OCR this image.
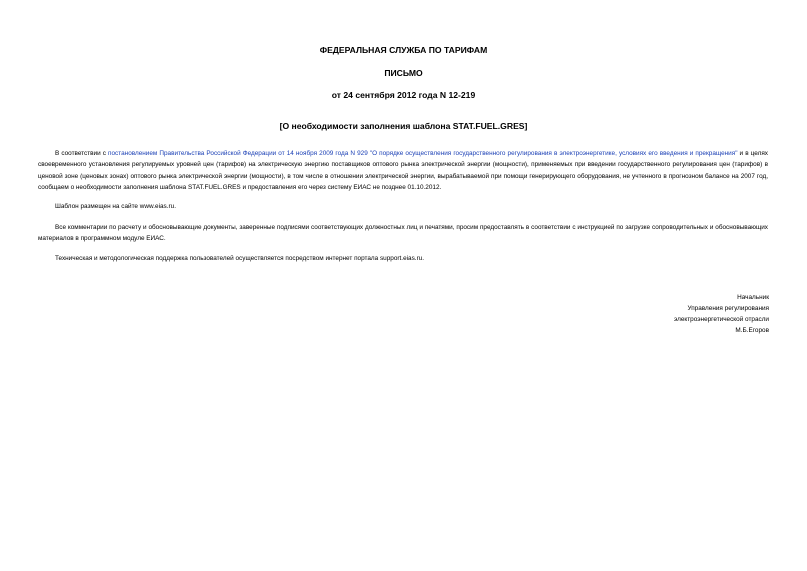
ФЕДЕРАЛЬНАЯ СЛУЖБА ПО ТАРИФАМ
ПИСЬМО
от 24 сентября 2012 года N 12-219
[О необходимости заполнения шаблона STAT.FUEL.GRES]

В соответствии с постановлением Правительства Российской Федерации от 14 ноября 2009 года N 929 "О порядке осуществления государственного регулирования в электроэнергетике, условиях его введения и прекращения" и в целях своевременного установления регулируемых уровней цен (тарифов) на электрическую энергию поставщиков оптового рынка электрической энергии (мощности), применяемых при введении государственного регулирования цен (тарифов) в ценовой зоне (ценовых зонах) оптового рынка электрической энергии (мощности), в том числе в отношении электрической энергии, вырабатываемой при помощи генерирующего оборудования, не учтенного в прогнозном балансе на 2007 год, сообщаем о необходимости заполнения шаблона STAT.FUEL.GRES и предоставления его через систему ЕИАС не позднее 01.10.2012.

Шаблон размещен на сайте www.eias.ru.

Все комментарии по расчету и обосновывающие документы, заверенные подписями соответствующих должностных лиц и печатями, просим предоставлять в соответствии с инструкцией по загрузке сопроводительных и обосновывающих материалов в программном модуле ЕИАС.

Техническая и методологическая поддержка пользователей осуществляется посредством интернет портала support.eias.ru.

Начальник
Управления регулирования
электроэнергетической отрасли
М.Б.Егоров
